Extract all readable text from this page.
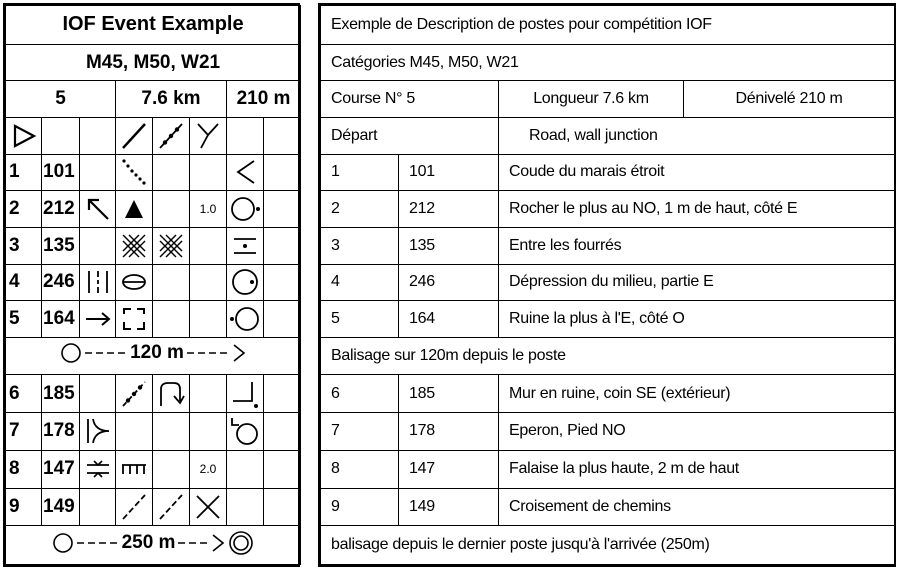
IOF Event Example							
M45, M50, W21							
5			7.6 km			210 m	

1	101		

2	212				1.0	

3	135		

4	246	

5	164	

120 m							

6	185		

7	178	

8	147				2.0		
9	149		

250 m							
Exemple de Description de postes pour compétition IOF			
Catégories M45, M50, W21			
Course N° 5		Longueur 7.6 km	Dénivelé 210 m
Départ		Road, wall junction	
1	101	Coude du marais étroit	
2	212	Rocher le plus au NO, 1 m de haut, côté E	
3	135	Entre les fourrés	
4	246	Dépression du milieu, partie E	
5	164	Ruine la plus à l'E, côté O	
Balisage sur 120m depuis le poste			
6	185	Mur en ruine, coin SE (extérieur)	
7	178	Eperon, Pied NO	
8	147	Falaise la plus haute, 2 m de haut	
9	149	Croisement de chemins	
balisage depuis le dernier poste jusqu'à l'arrivée (250m)			
